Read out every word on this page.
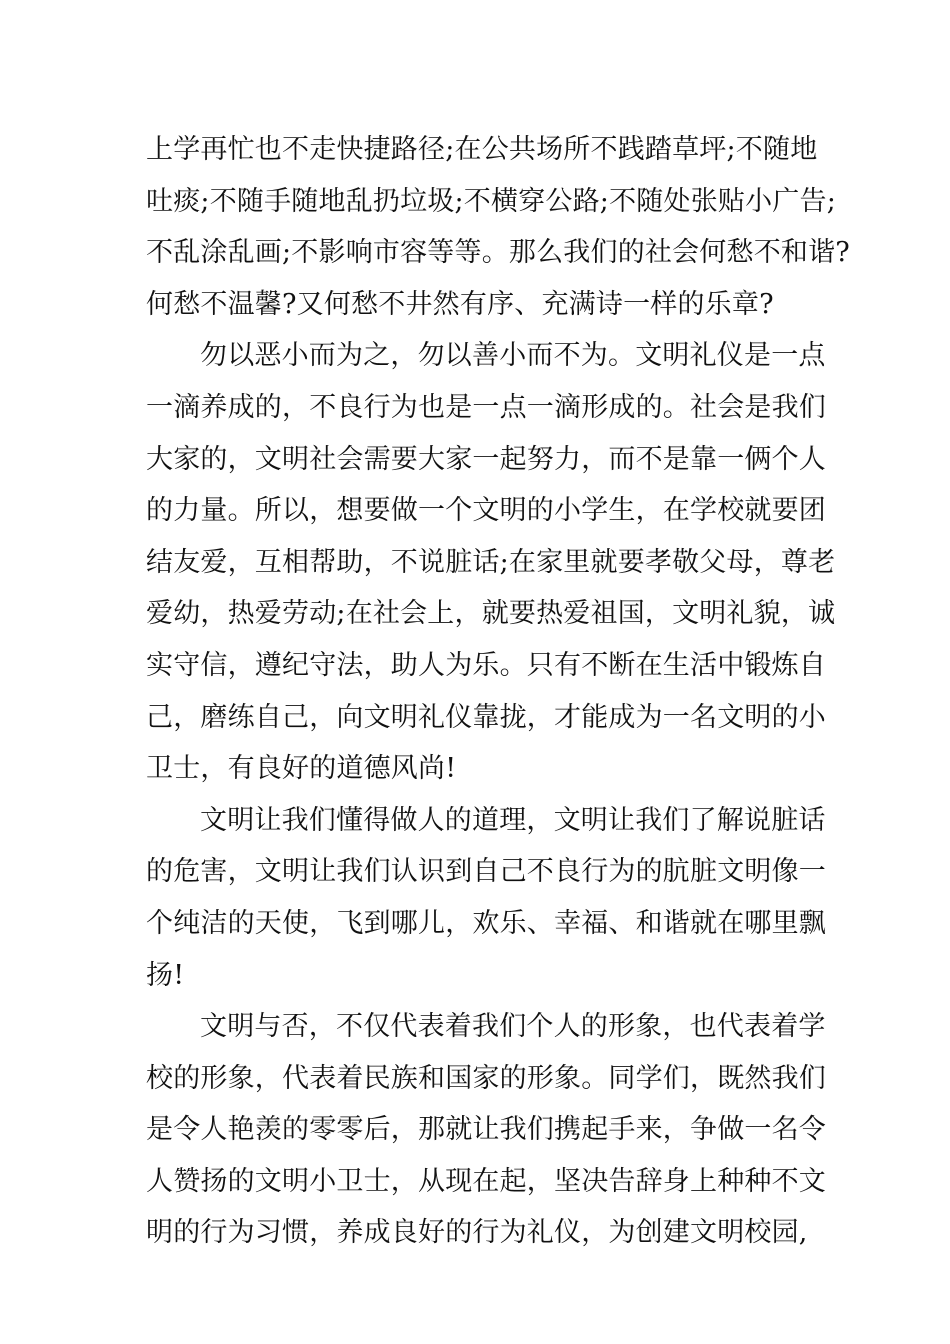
上学再忙也不走快捷路径;在公共场所不践踏草坪;不随地
吐痰;不随手随地乱扔垃圾;不横穿公路;不随处张贴小广告;
不乱涂乱画;不影响市容等等。那么我们的社会何愁不和谐?
何愁不温馨?又何愁不井然有序、充满诗一样的乐章?
勿以恶小而为之，勿以善小而不为。文明礼仪是一点
一滴养成的，不良行为也是一点一滴形成的。社会是我们
大家的，文明社会需要大家一起努力，而不是靠一俩个人
的力量。所以，想要做一个文明的小学生，在学校就要团
结友爱，互相帮助，不说脏话;在家里就要孝敬父母，尊老
爱幼，热爱劳动;在社会上，就要热爱祖国，文明礼貌，诚
实守信，遵纪守法，助人为乐。只有不断在生活中锻炼自
己，磨练自己，向文明礼仪靠拢，才能成为一名文明的小
卫士，有良好的道德风尚!
文明让我们懂得做人的道理，文明让我们了解说脏话
的危害，文明让我们认识到自己不良行为的肮脏文明像一
个纯洁的天使，飞到哪儿，欢乐、幸福、和谐就在哪里飘
扬!
文明与否，不仅代表着我们个人的形象，也代表着学
校的形象，代表着民族和国家的形象。同学们，既然我们
是令人艳羡的零零后，那就让我们携起手来，争做一名令
人赞扬的文明小卫士，从现在起，坚决告辞身上种种不文
明的行为习惯，养成良好的行为礼仪，为创建文明校园,
